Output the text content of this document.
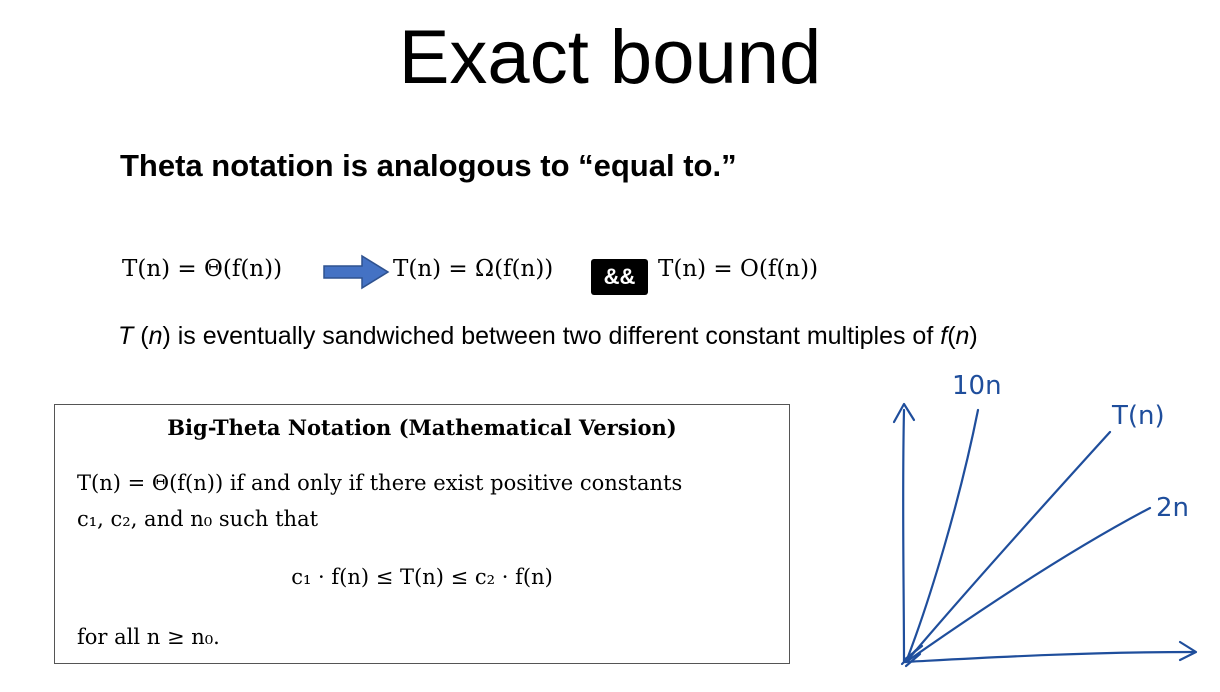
Exact bound
Theta notation is analogous to “equal to.”
T(n) = Θ(f(n))	T(n) = Ω(f(n))	&& T(n) = O(f(n))
T (n) is eventually sandwiched between two different constant multiples of f(n)
Big-Theta Notation (Mathematical Version)
T(n) = Θ(f(n)) if and only if there exist positive constants
c₁, c₂, and n₀ such that
c₁ · f(n) ≤ T(n) ≤ c₂ · f(n)
for all n ≥ n₀.
10n
T(n)
2n
